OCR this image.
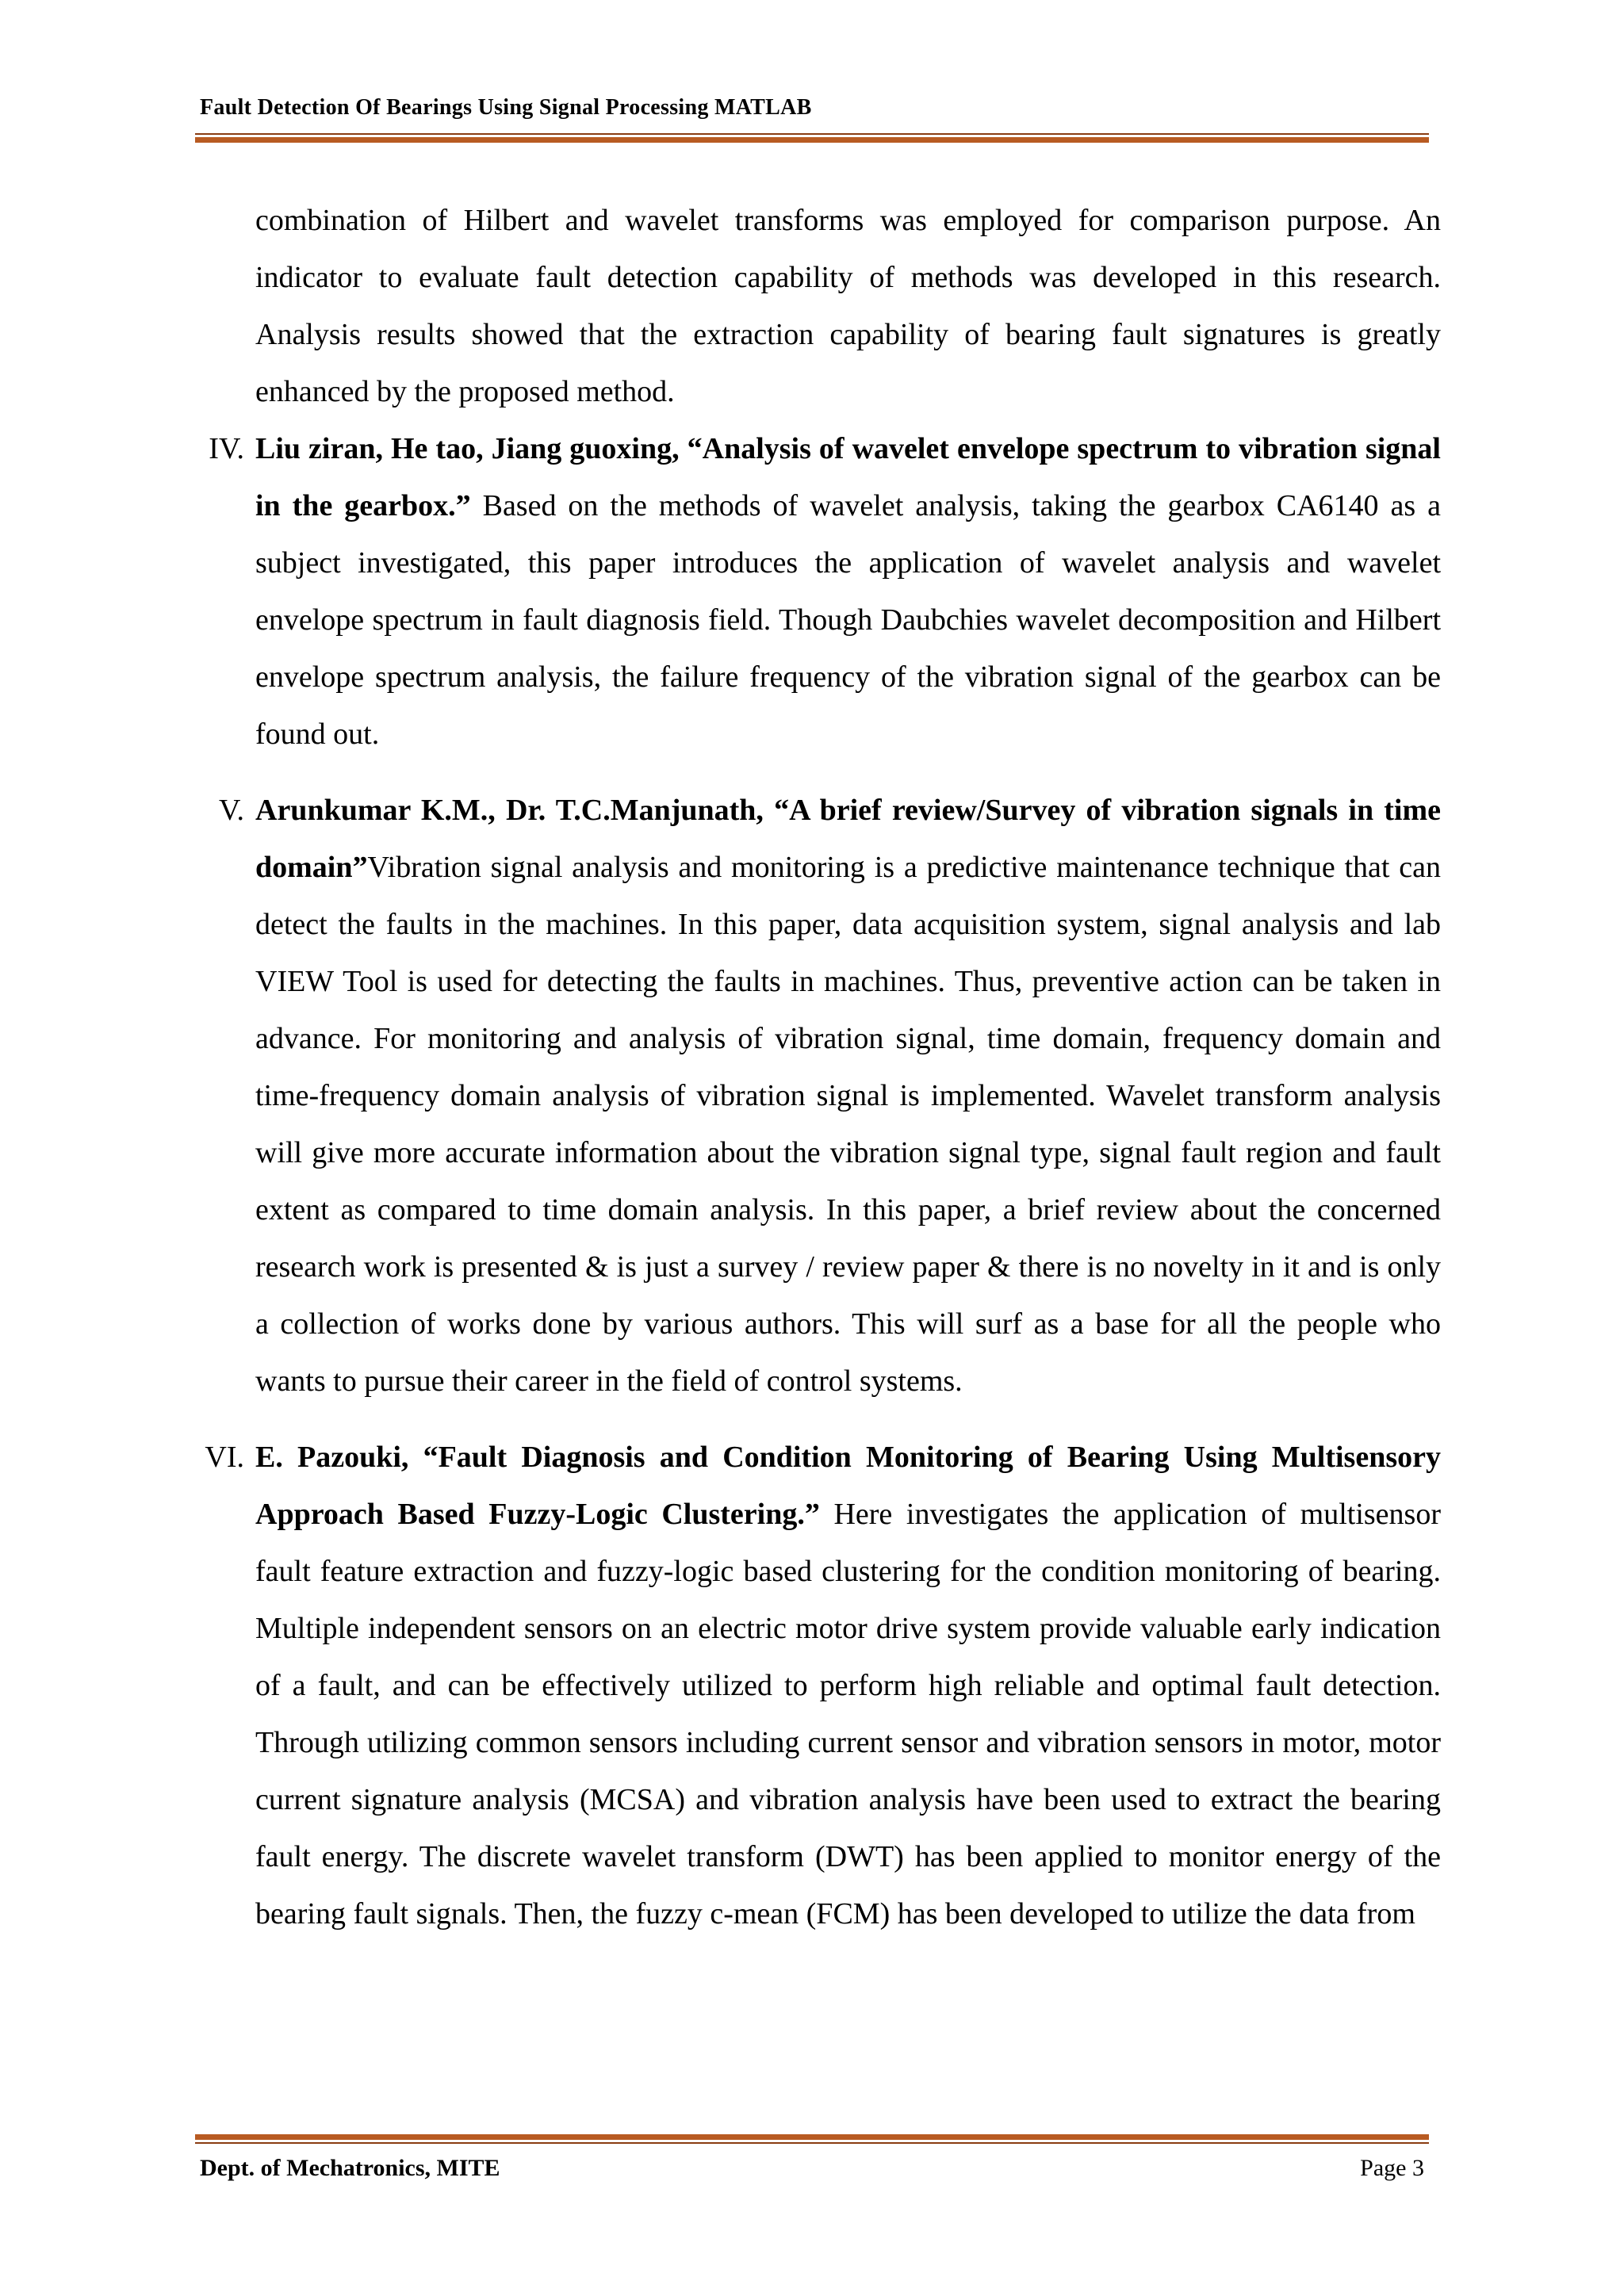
Fault Detection Of Bearings Using Signal Processing MATLAB
combination of Hilbert and wavelet transforms was employed for comparison purpose. An indicator to evaluate fault detection capability of methods was developed in this research. Analysis results showed that the extraction capability of bearing fault signatures is greatly enhanced by the proposed method.
IV. Liu ziran, He tao, Jiang guoxing, “Analysis of wavelet envelope spectrum to vibration signal in the gearbox.” Based on the methods of wavelet analysis, taking the gearbox CA6140 as a subject investigated, this paper introduces the application of wavelet analysis and wavelet envelope spectrum in fault diagnosis field. Though Daubchies wavelet decomposition and Hilbert envelope spectrum analysis, the failure frequency of the vibration signal of the gearbox can be found out.
V. Arunkumar K.M., Dr. T.C.Manjunath, “A brief review/Survey of vibration signals in time domain”Vibration signal analysis and monitoring is a predictive maintenance technique that can detect the faults in the machines. In this paper, data acquisition system, signal analysis and lab VIEW Tool is used for detecting the faults in machines. Thus, preventive action can be taken in advance. For monitoring and analysis of vibration signal, time domain, frequency domain and time-frequency domain analysis of vibration signal is implemented. Wavelet transform analysis will give more accurate information about the vibration signal type, signal fault region and fault extent as compared to time domain analysis. In this paper, a brief review about the concerned research work is presented & is just a survey / review paper & there is no novelty in it and is only a collection of works done by various authors. This will surf as a base for all the people who wants to pursue their career in the field of control systems.
VI. E. Pazouki, “Fault Diagnosis and Condition Monitoring of Bearing Using Multisensory Approach Based Fuzzy-Logic Clustering.” Here investigates the application of multisensor fault feature extraction and fuzzy-logic based clustering for the condition monitoring of bearing. Multiple independent sensors on an electric motor drive system provide valuable early indication of a fault, and can be effectively utilized to perform high reliable and optimal fault detection. Through utilizing common sensors including current sensor and vibration sensors in motor, motor current signature analysis (MCSA) and vibration analysis have been used to extract the bearing fault energy. The discrete wavelet transform (DWT) has been applied to monitor energy of the bearing fault signals. Then, the fuzzy c-mean (FCM) has been developed to utilize the data from
Dept. of Mechatronics, MITE	Page 3
